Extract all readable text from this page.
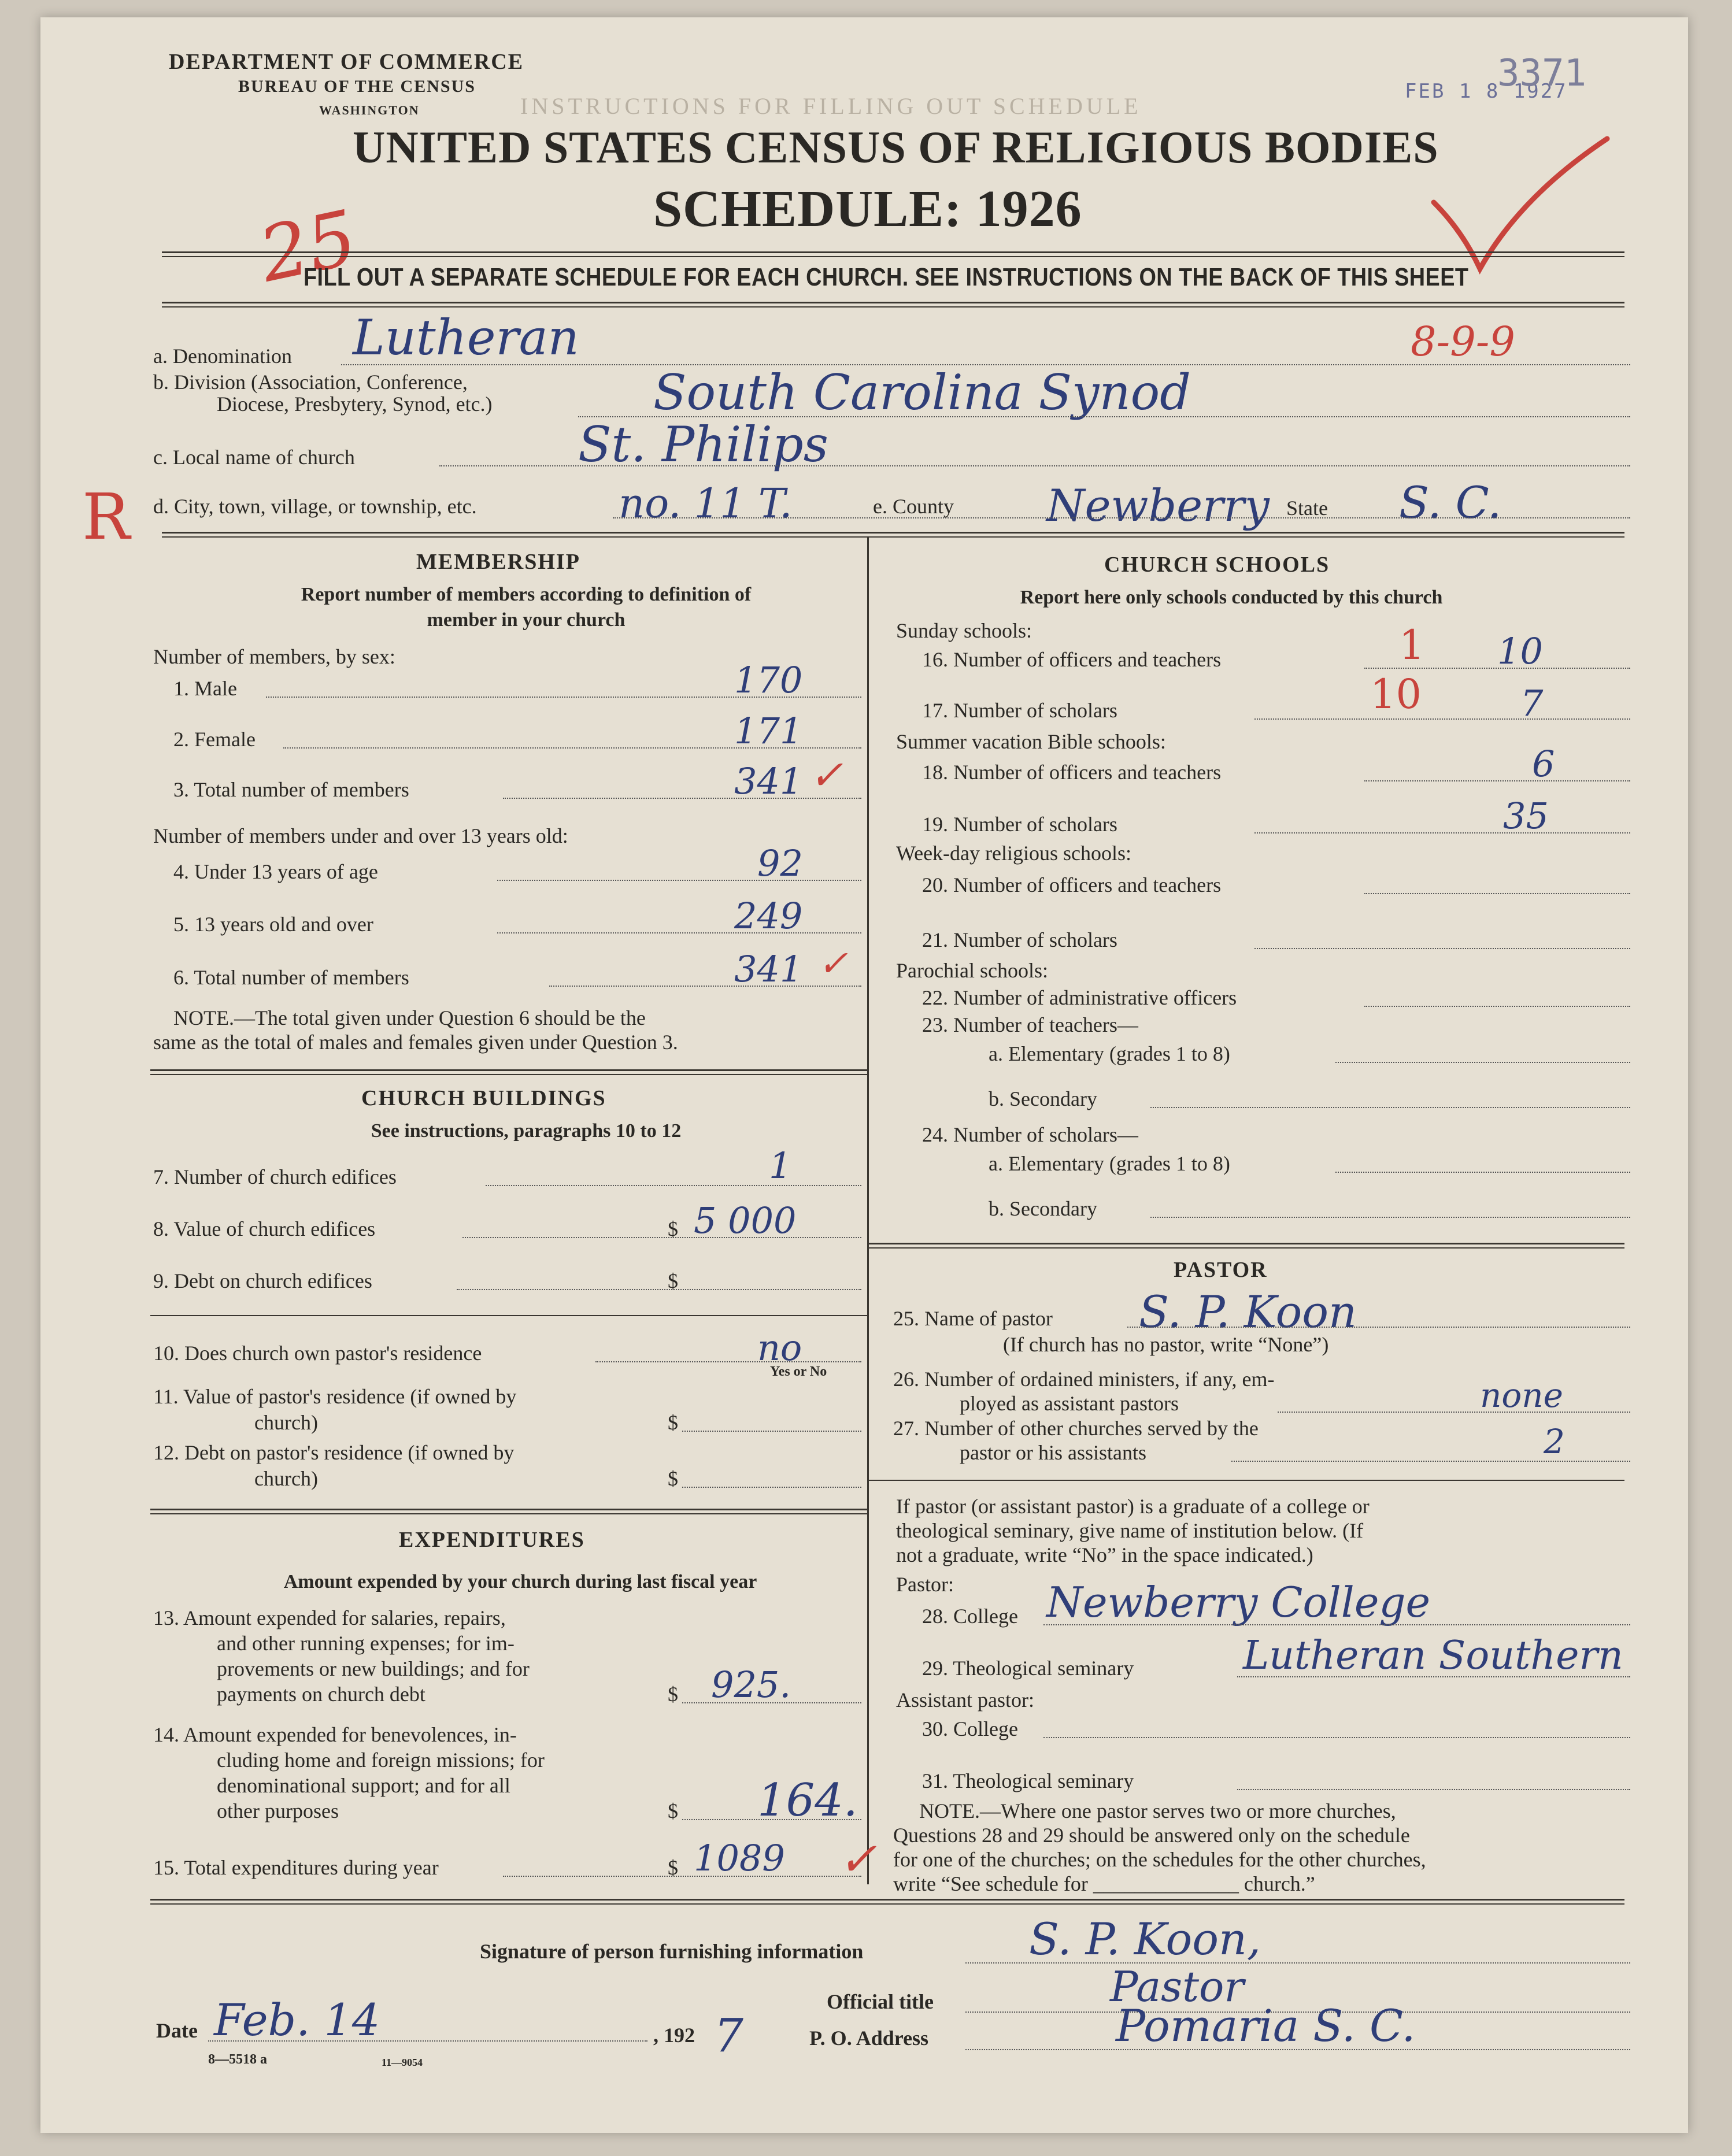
INSTRUCTIONS FOR FILLING OUT SCHEDULE
DEPARTMENT OF COMMERCE
BUREAU OF THE CENSUS
WASHINGTON
UNITED STATES CENSUS OF RELIGIOUS BODIES
SCHEDULE: 1926
FEB 1 8 1927
3371
25
R
8-9-9
FILL OUT A SEPARATE SCHEDULE FOR EACH CHURCH. SEE INSTRUCTIONS ON THE BACK OF THIS SHEET
a. Denomination Lutheran
b. Division (Association, Conference,
Diocese, Presbytery, Synod, etc.)	South Carolina Synod
c. Local name of church	St. Philips
d. City, town, village, or township, etc.	no. 11 T.	e. County Newberry State S. C.
MEMBERSHIP
Report number of members according to definition of
member in your church
Number of members, by sex:
1. Male	170
2. Female	171
3. Total number of members	341 ✓
Number of members under and over 13 years old:
4. Under 13 years of age	92
5. 13 years old and over	249
6. Total number of members	341 ✓
NOTE.—The total given under Question 6 should be the
same as the total of males and females given under Question 3.
CHURCH BUILDINGS
See instructions, paragraphs 10 to 12
7. Number of church edifices	1
8. Value of church edifices	$ 5 000
9. Debt on church edifices	$
10. Does church own pastor's residence	no
Yes or No
11. Value of pastor's residence (if owned by
church)	$
12. Debt on pastor's residence (if owned by
church)	$
EXPENDITURES
Amount expended by your church during last fiscal year
13. Amount expended for salaries, repairs,
and other running expenses; for im-
provements or new buildings; and for
payments on church debt	$ 925.
14. Amount expended for benevolences, in-
cluding home and foreign missions; for
denominational support; and for all
other purposes	$ 164.
15. Total expenditures during year	$ 1089 ✓
CHURCH SCHOOLS
Report here only schools conducted by this church
Sunday schools:
16. Number of officers and teachers	1 10
17. Number of scholars	10	7
Summer vacation Bible schools:
18. Number of officers and teachers	6
19. Number of scholars	35
Week-day religious schools:
20. Number of officers and teachers
21. Number of scholars
Parochial schools:
22. Number of administrative officers
23. Number of teachers—
a. Elementary (grades 1 to 8)
b. Secondary
24. Number of scholars—
a. Elementary (grades 1 to 8)
b. Secondary
PASTOR
25. Name of pastor S. P. Koon
(If church has no pastor, write “None”)
26. Number of ordained ministers, if any, em-
ployed as assistant pastors	none
27. Number of other churches served by the
pastor or his assistants	2
If pastor (or assistant pastor) is a graduate of a college or
theological seminary, give name of institution below. (If
not a graduate, write “No” in the space indicated.)
Pastor:
28. College Newberry College
29. Theological seminary	Lutheran Southern
Assistant pastor:
30. College
31. Theological seminary
NOTE.—Where one pastor serves two or more churches,
Questions 28 and 29 should be answered only on the schedule
for one of the churches; on the schedules for the other churches,
write “See schedule for ______________ church.”
Signature of person furnishing information	S. P. Koon,
Official title	Pastor
Date Feb. 14	, 192 7	P. O. Address	Pomaria S. C.
8—5518 a	11—9054
